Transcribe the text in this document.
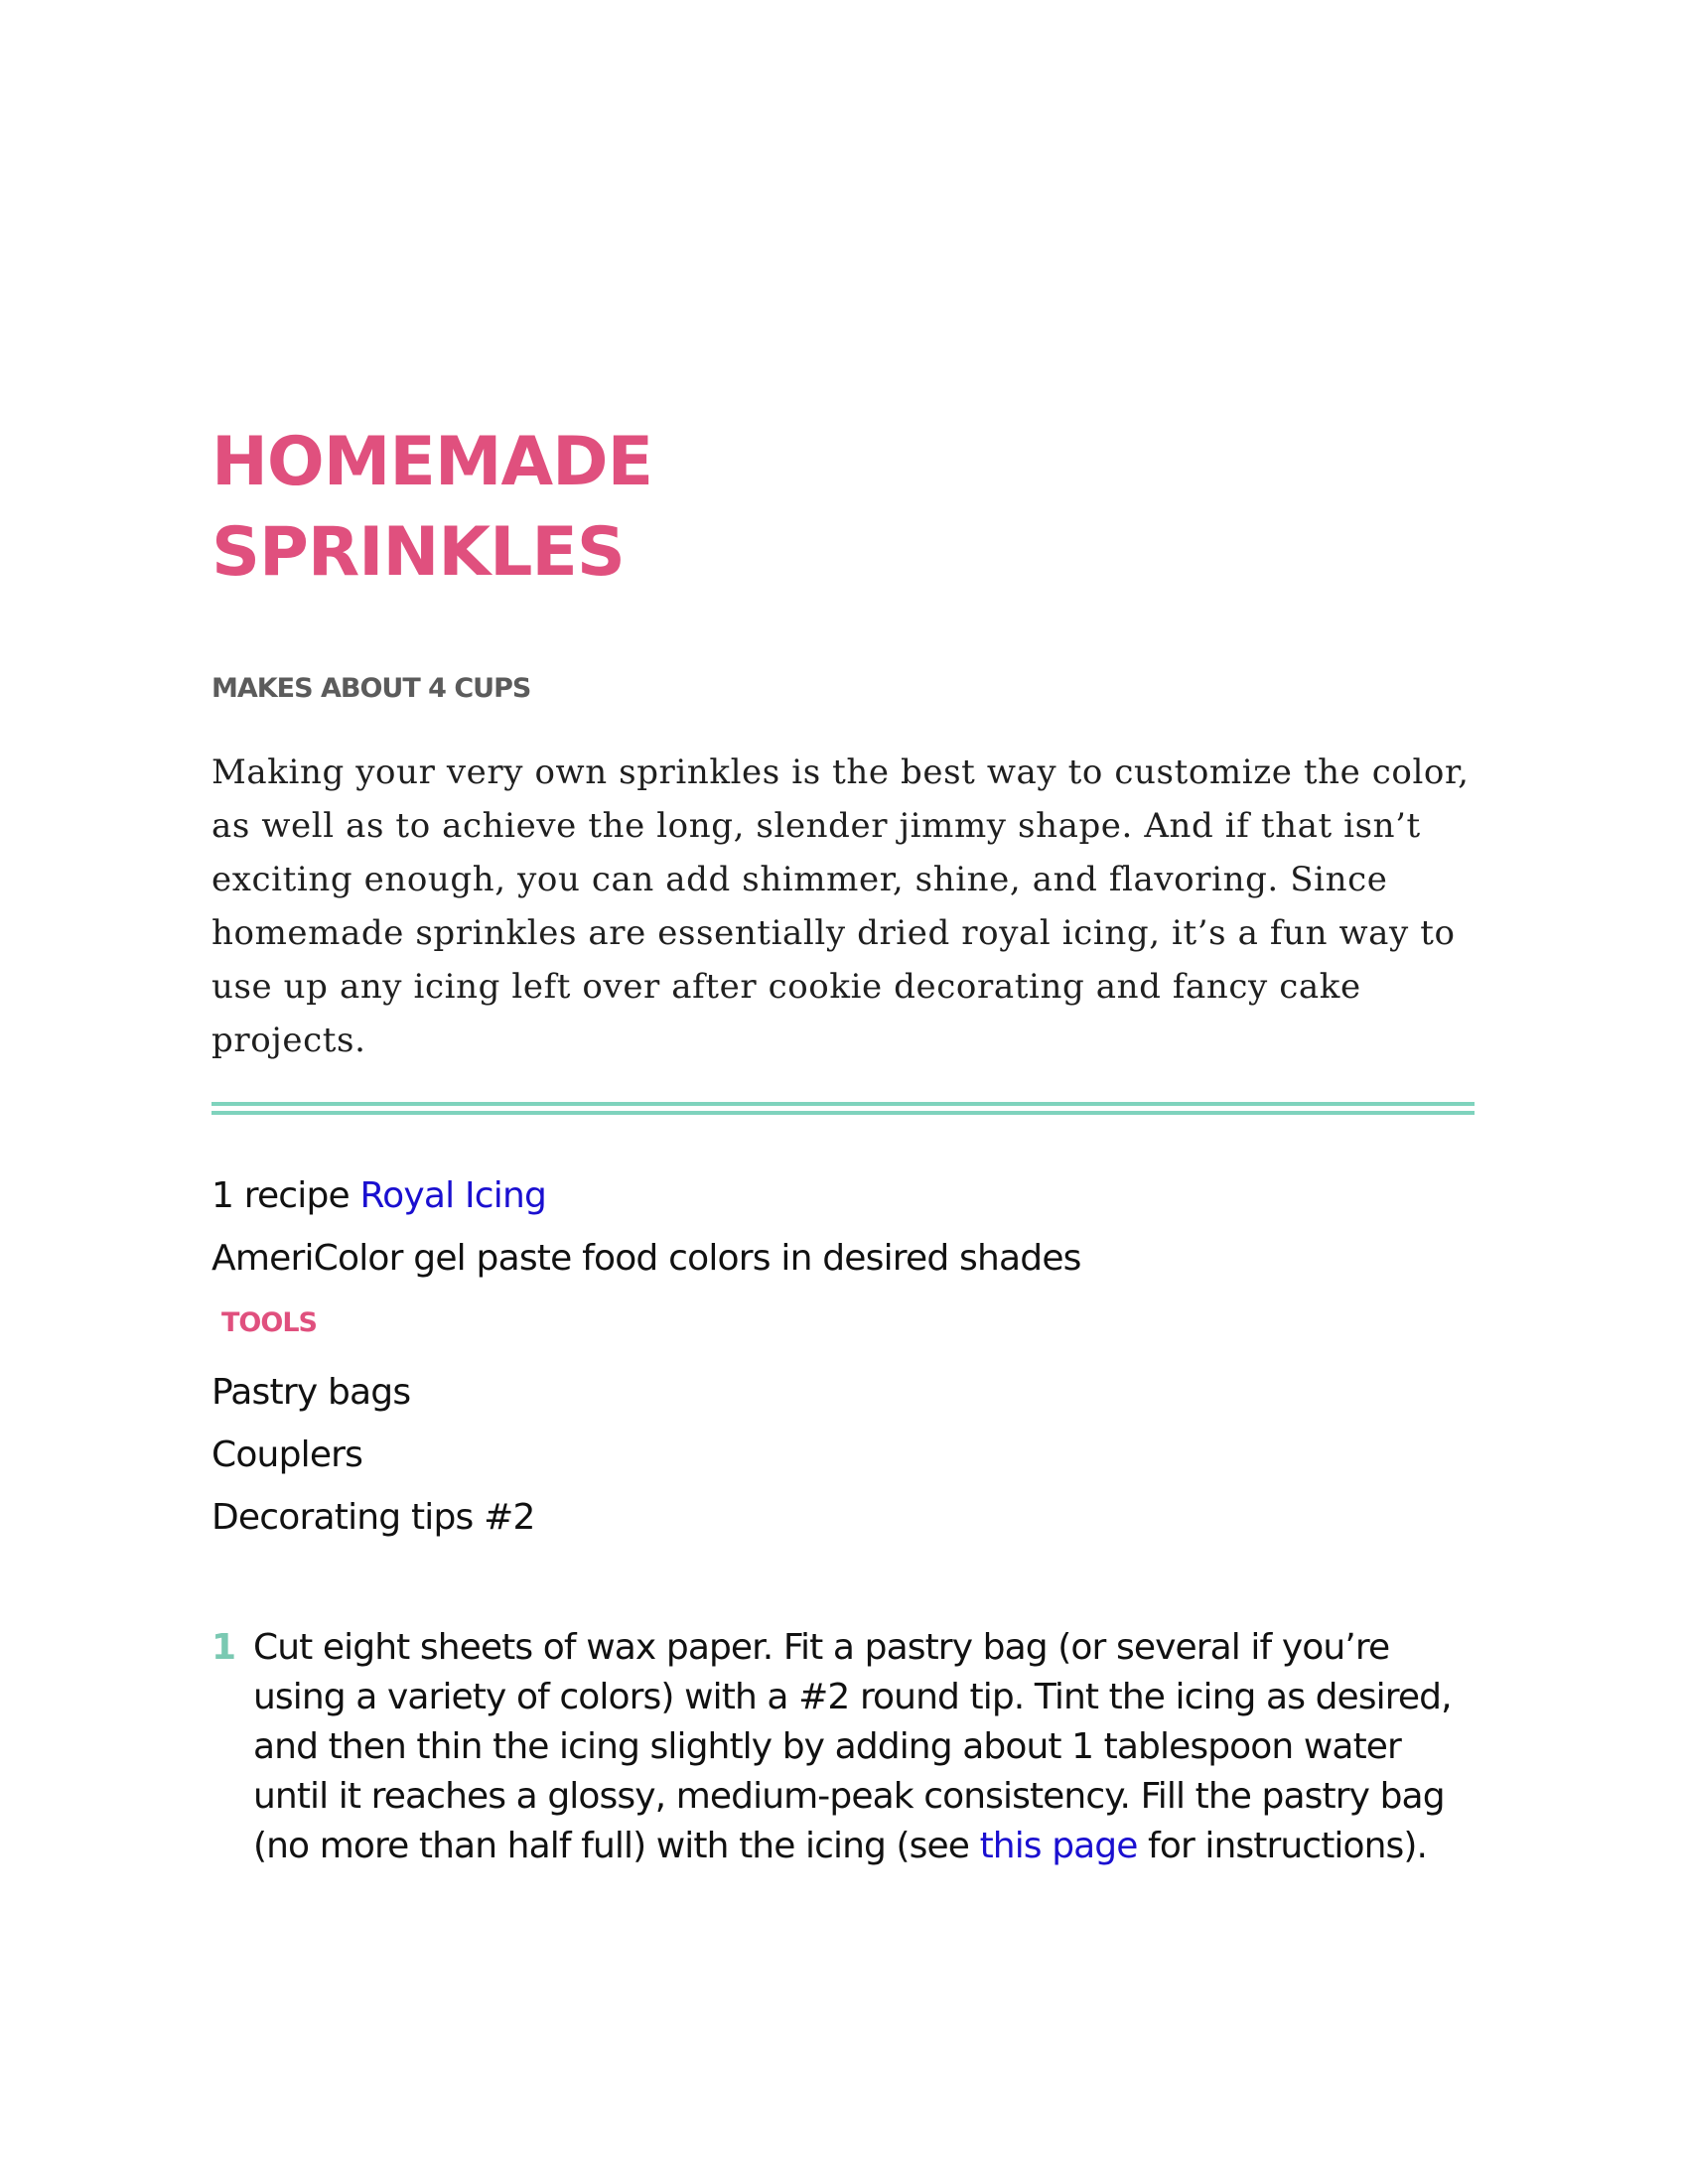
HOMEMADE
SPRINKLES

MAKES ABOUT 4 CUPS

Making your very own sprinkles is the best way to customize the color, as well as to achieve the long, slender jimmy shape. And if that isn’t exciting enough, you can add shimmer, shine, and flavoring. Since homemade sprinkles are essentially dried royal icing, it’s a fun way to use up any icing left over after cookie decorating and fancy cake projects.

1 recipe Royal Icing
AmeriColor gel paste food colors in desired shades
TOOLS
Pastry bags
Couplers
Decorating tips #2
1 Cut eight sheets of wax paper. Fit a pastry bag (or several if you’re using a variety of colors) with a #2 round tip. Tint the icing as desired, and then thin the icing slightly by adding about 1 tablespoon water until it reaches a glossy, medium-peak consistency. Fill the pastry bag (no more than half full) with the icing (see this page for instructions).
